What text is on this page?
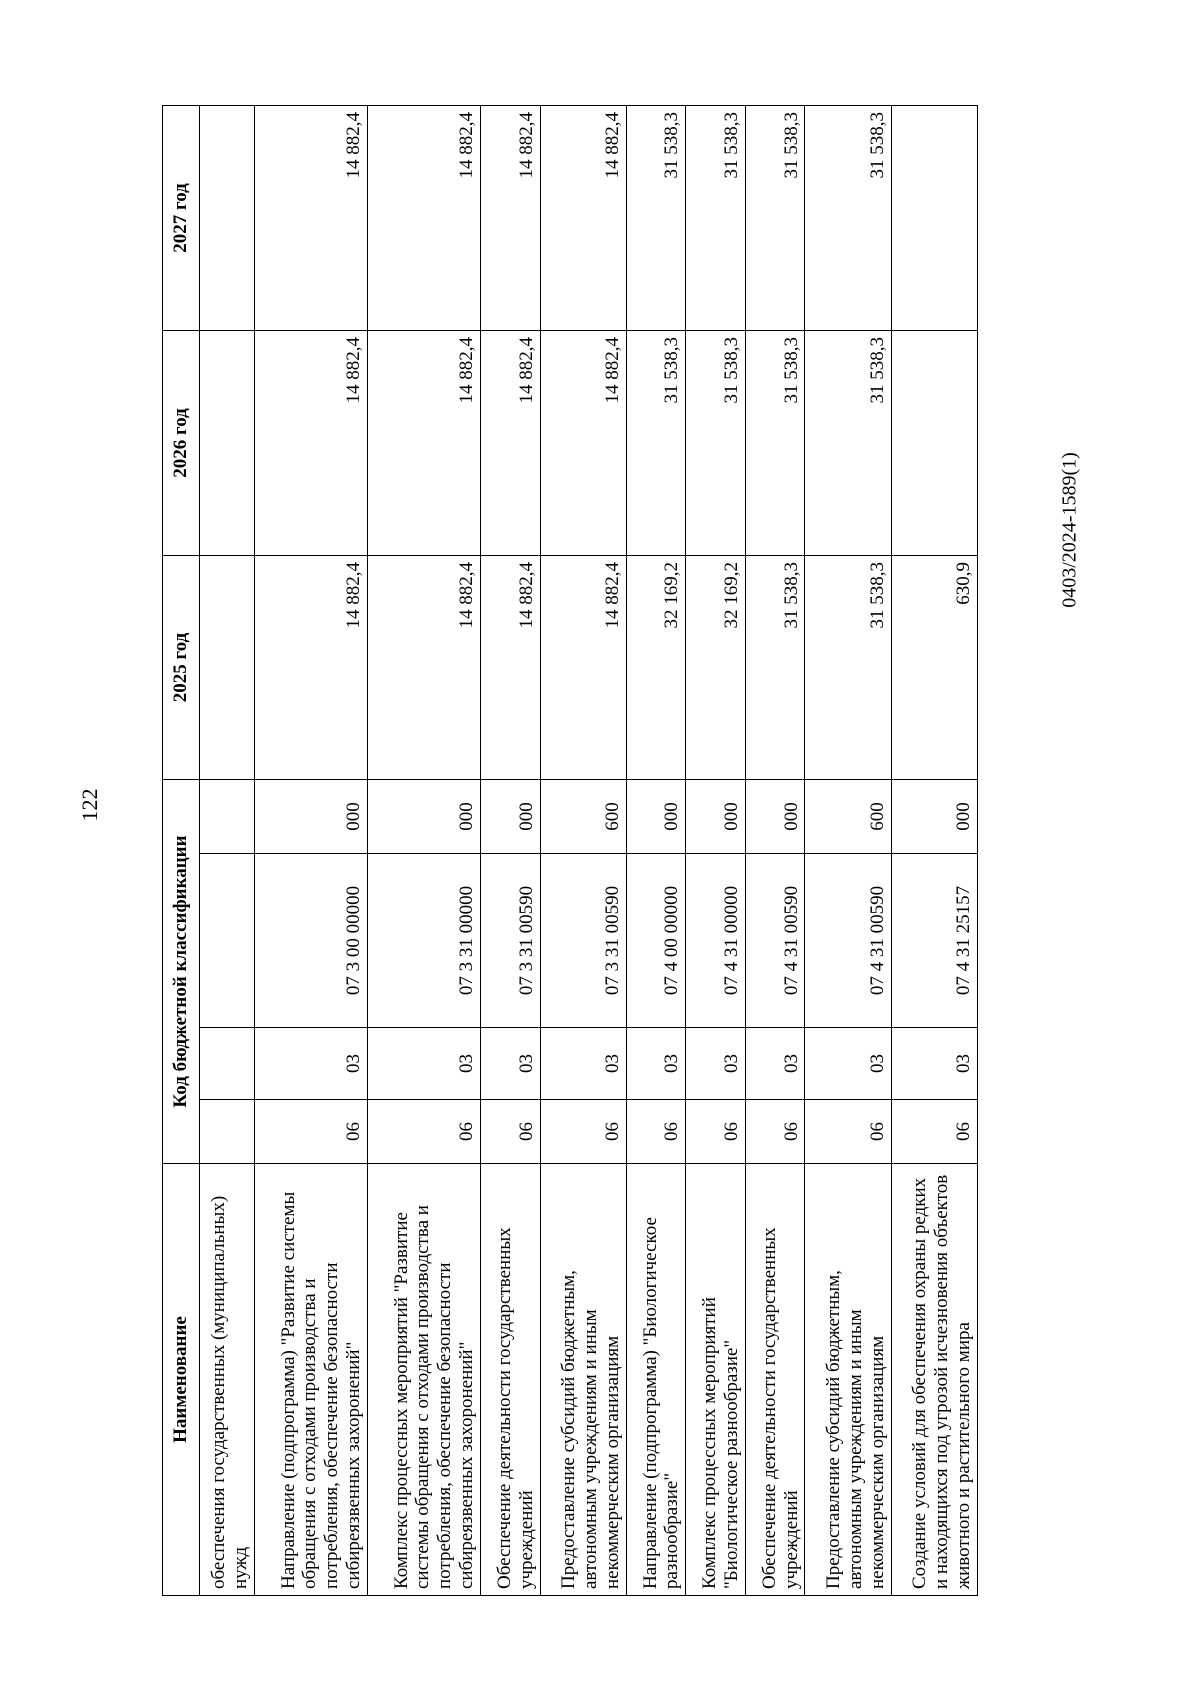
122
0403/2024-1589(1)
Наименование	Код бюджетной классификации				2025 год	2026 год	2027 год
обеспечения государственных (муниципальных) нужд							
Направление (подпрограмма) "Развитие системы обращения с отходами производства и потребления, обеспечение безопасности сибиреязвенных захоронений"	06	03	07 3 00 00000	000	14 882,4	14 882,4	14 882,4
Комплекс процессных мероприятий "Развитие системы обращения с отходами производства и потребления, обеспечение безопасности сибиреязвенных захоронений"	06	03	07 3 31 00000	000	14 882,4	14 882,4	14 882,4
Обеспечение деятельности государственных учреждений	06	03	07 3 31 00590	000	14 882,4	14 882,4	14 882,4
Предоставление субсидий бюджетным, автономным учреждениям и иным некоммерческим организациям	06	03	07 3 31 00590	600	14 882,4	14 882,4	14 882,4
Направление (подпрограмма) "Биологическое разнообразие"	06	03	07 4 00 00000	000	32 169,2	31 538,3	31 538,3
Комплекс процессных мероприятий "Биологическое разнообразие"	06	03	07 4 31 00000	000	32 169,2	31 538,3	31 538,3
Обеспечение деятельности государственных учреждений	06	03	07 4 31 00590	000	31 538,3	31 538,3	31 538,3
Предоставление субсидий бюджетным, автономным учреждениям и иным некоммерческим организациям	06	03	07 4 31 00590	600	31 538,3	31 538,3	31 538,3
Создание условий для обеспечения охраны редких и находящихся под угрозой исчезновения объектов животного и растительного мира	06	03	07 4 31 25157	000	630,9		
